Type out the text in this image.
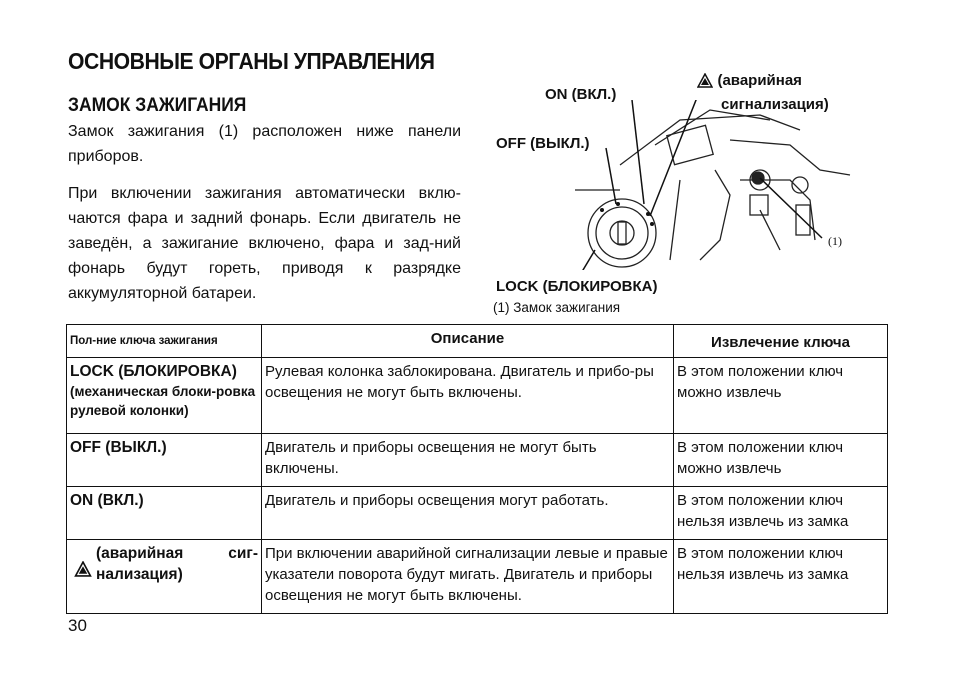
ОСНОВНЫЕ ОРГАНЫ УПРАВЛЕНИЯ
ЗАМОК ЗАЖИГАНИЯ
Замок зажигания (1) расположен ниже панели приборов.
При включении зажигания автоматически вклю-чаются фара и задний фонарь. Если двигатель не заведён, а зажигание включено, фара и зад-ний фонарь будут гореть, приводя к разрядке аккумуляторной батареи.
ON (ВКЛ.)
OFF (ВЫКЛ.)
LOCK (БЛОКИРОВКА)
(аварийная
сигнализация)
(1)
(1) Замок зажигания
Пол-ние ключа зажигания	Описание	Извлечение ключа

LOCK (БЛОКИРОВКА)
(механическая блоки-ровка рулевой колонки)	Рулевая колонка заблокирована. Двигатель и прибо-ры освещения не могут быть включены.	В этом положении ключ можно извлечь

OFF (ВЫКЛ.)	Двигатель и приборы освещения не могут быть включены.	В этом положении ключ можно извлечь

ON (ВКЛ.)	Двигатель и приборы освещения могут работать.	В этом положении ключ нельзя извлечь из замка

(аварийная сиг-
нализация)	При включении аварийной сигнализации левые и правые указатели поворота будут мигать. Двигатель и приборы освещения не могут быть включены.	В этом положении ключ нельзя извлечь из замка
30
